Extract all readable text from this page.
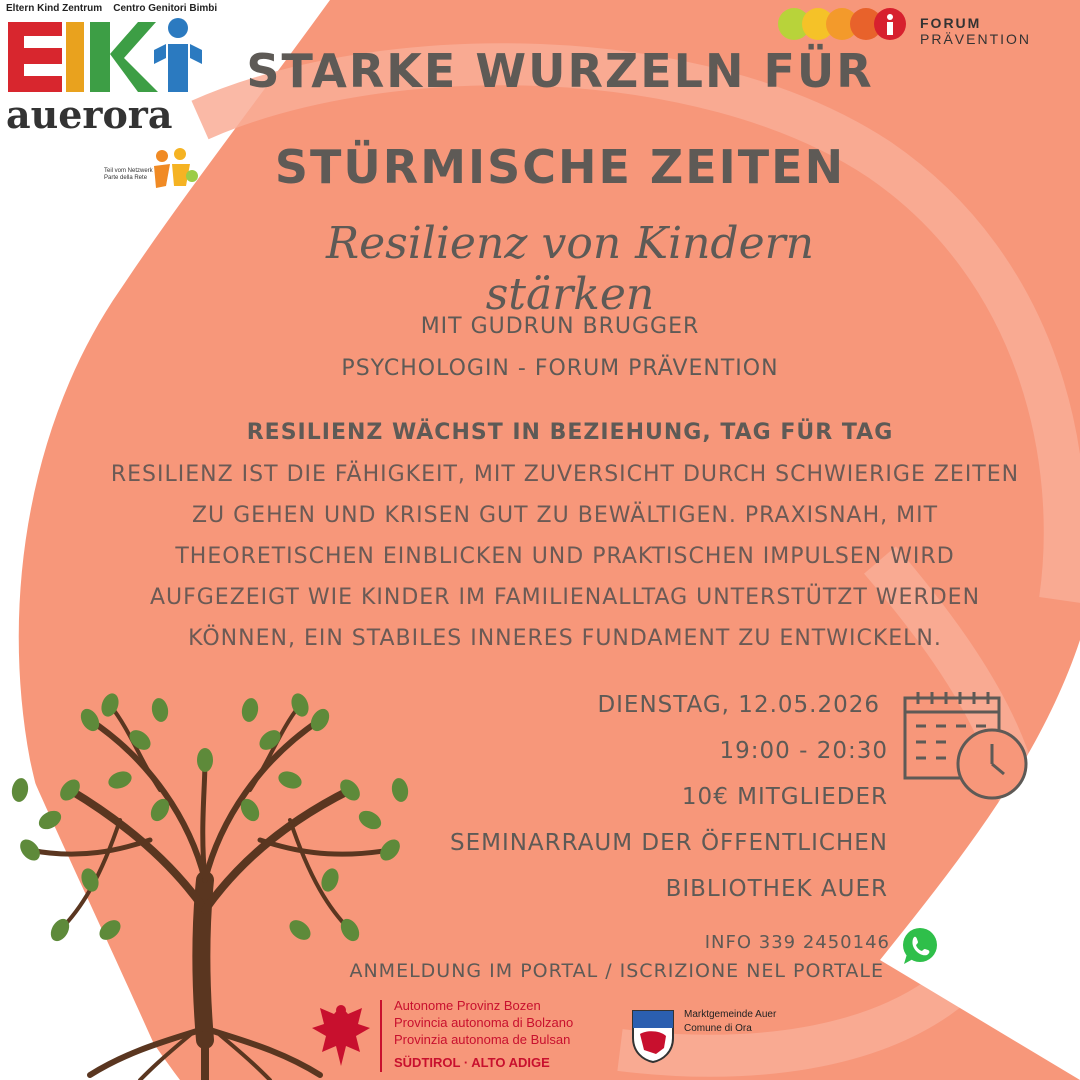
Eltern Kind Zentrum Centro Genitori Bimbi
auerora
Teil vom Netzwerk
Parte della Rete
FORUM PRÄVENTION
STARKE WURZELN FÜR
STÜRMISCHE ZEITEN
Resilienz von Kindern stärken
MIT GUDRUN BRUGGER
PSYCHOLOGIN - FORUM PRÄVENTION
RESILIENZ WÄCHST IN BEZIEHUNG, TAG FÜR TAG
RESILIENZ IST DIE FÄHIGKEIT, MIT ZUVERSICHT DURCH SCHWIERIGE ZEITEN
ZU GEHEN UND KRISEN GUT ZU BEWÄLTIGEN. PRAXISNAH, MIT
THEORETISCHEN EINBLICKEN UND PRAKTISCHEN IMPULSEN WIRD
AUFGEZEIGT WIE KINDER IM FAMILIENALLTAG UNTERSTÜTZT WERDEN
KÖNNEN, EIN STABILES INNERES FUNDAMENT ZU ENTWICKELN.
DIENSTAG, 12.05.2026
19:00 - 20:30
10€ MITGLIEDER
SEMINARRAUM DER ÖFFENTLICHEN
BIBLIOTHEK AUER
INFO 339 2450146
ANMELDUNG IM PORTAL / ISCRIZIONE NEL PORTALE
Autonome Provinz Bozen
Provincia autonoma di Bolzano
Provinzia autonoma de Bulsan
SÜDTIROL · ALTO ADIGE
Marktgemeinde Auer
Comune di Ora
